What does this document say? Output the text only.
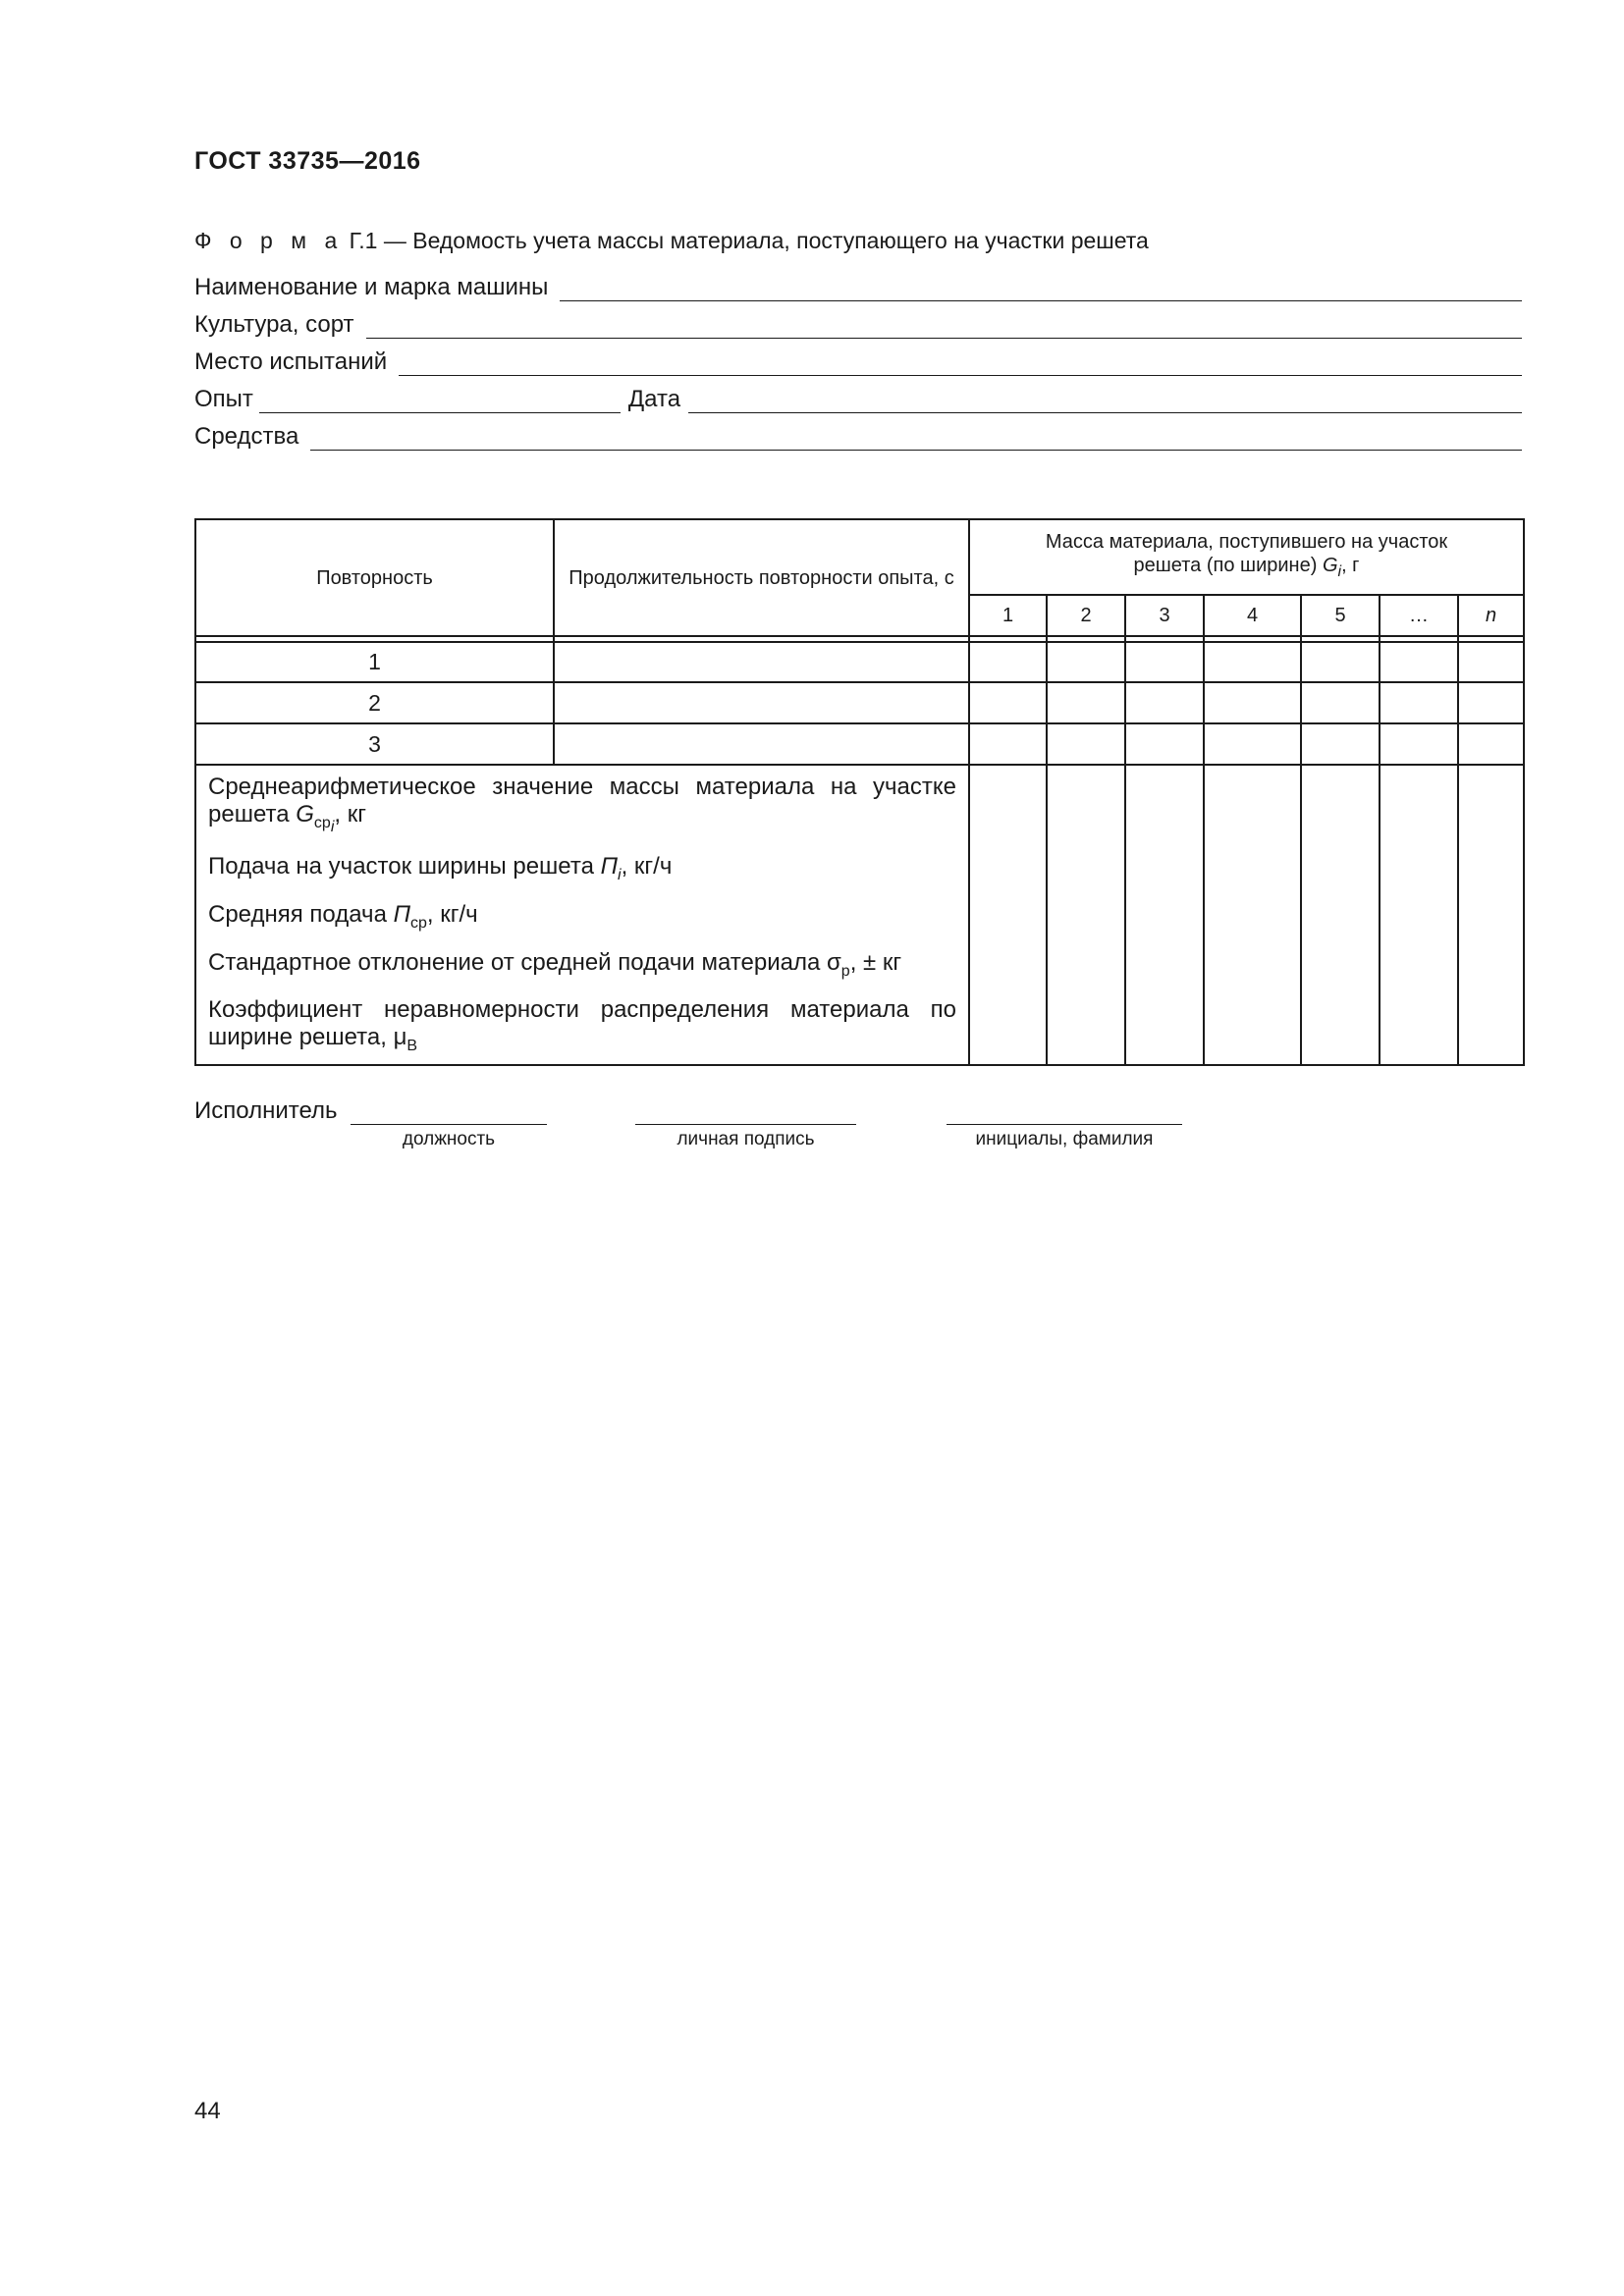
ГОСТ 33735—2016
Ф о р м а Г.1 — Ведомость учета массы материала, поступающего на участки решета
Наименование и марка машины
Культура, сорт
Место испытаний
Опыт	Дата
Средства
Повторность	Продолжительность повторности опыта, с	Масса материала, поступившего на участок
решета (по ширине) $G_i$, г						
		1	2	3	4	5	…	n

1								
2								
3								

Среднеарифметическое значение массы материала на участке решета $G_{cp_i}$, кг

Подача на участок ширины решета $П_i$, кг/ч

Средняя подача $П_{ср}$, кг/ч

Стандартное отклонение от средней подачи материала $\sigma_р$, ± кг

Коэффициент неравномерности распределения материала по ширине решета, $\mu_В$

Исполнитель
должность	личная подпись	инициалы, фамилия
44
